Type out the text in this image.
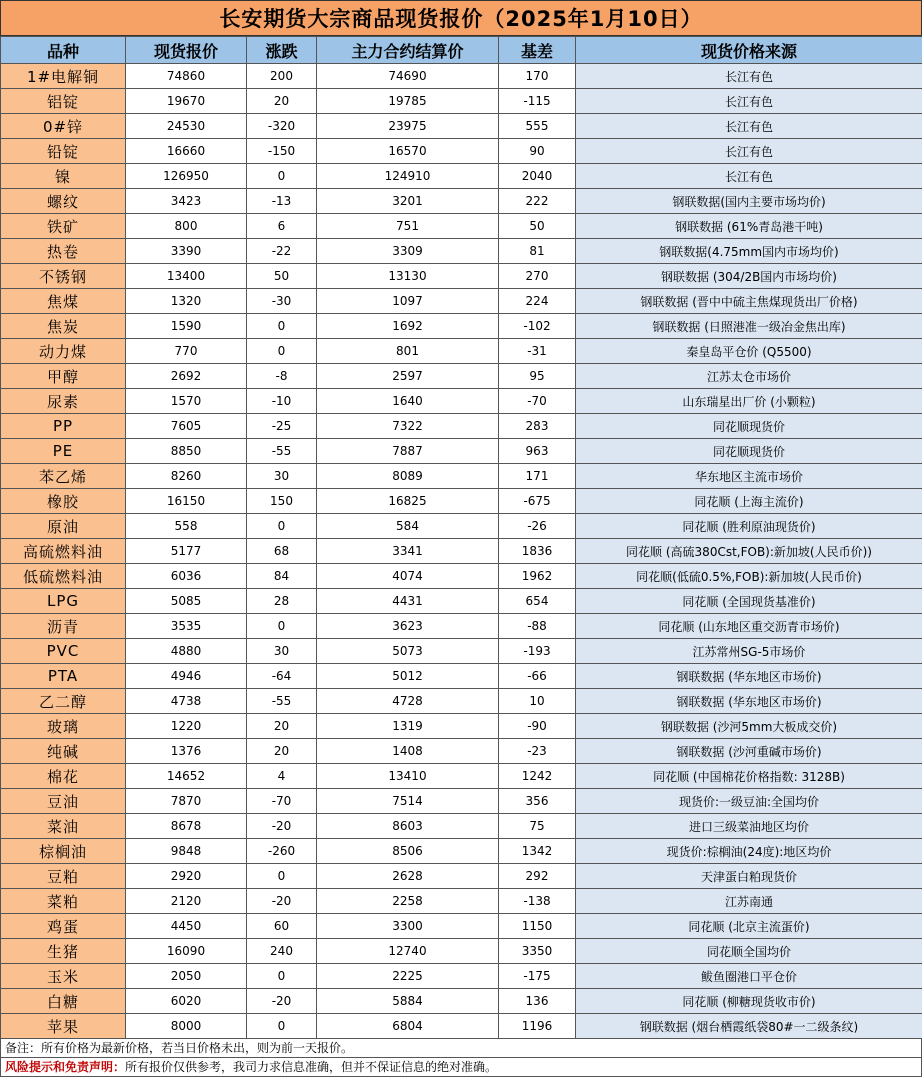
长安期货大宗商品现货报价（2025年1月10日）
品种	现货报价	涨跌	主力合约结算价	基差	现货价格来源
1#电解铜	74860	200	74690	170	长江有色
铝锭	19670	20	19785	-115	长江有色
0#锌	24530	-320	23975	555	长江有色
铅锭	16660	-150	16570	90	长江有色
镍	126950	0	124910	2040	长江有色
螺纹	3423	-13	3201	222	钢联数据(国内主要市场均价)
铁矿	800	6	751	50	钢联数据 (61%青岛港干吨)
热卷	3390	-22	3309	81	钢联数据(4.75mm国内市场均价)
不锈钢	13400	50	13130	270	钢联数据 (304/2B国内市场均价)
焦煤	1320	-30	1097	224	钢联数据 (晋中中硫主焦煤现货出厂价格)
焦炭	1590	0	1692	-102	钢联数据 (日照港准一级冶金焦出库)
动力煤	770	0	801	-31	秦皇岛平仓价 (Q5500)
甲醇	2692	-8	2597	95	江苏太仓市场价
尿素	1570	-10	1640	-70	山东瑞星出厂价 (小颗粒)
PP	7605	-25	7322	283	同花顺现货价
PE	8850	-55	7887	963	同花顺现货价
苯乙烯	8260	30	8089	171	华东地区主流市场价
橡胶	16150	150	16825	-675	同花顺 (上海主流价)
原油	558	0	584	-26	同花顺 (胜利原油现货价)
高硫燃料油	5177	68	3341	1836	同花顺 (高硫380Cst,FOB):新加坡(人民币价))
低硫燃料油	6036	84	4074	1962	同花顺(低硫0.5%,FOB):新加坡(人民币价)
LPG	5085	28	4431	654	同花顺 (全国现货基准价)
沥青	3535	0	3623	-88	同花顺 (山东地区重交沥青市场价)
PVC	4880	30	5073	-193	江苏常州SG-5市场价
PTA	4946	-64	5012	-66	钢联数据 (华东地区市场价)
乙二醇	4738	-55	4728	10	钢联数据 (华东地区市场价)
玻璃	1220	20	1319	-90	钢联数据 (沙河5mm大板成交价)
纯碱	1376	20	1408	-23	钢联数据 (沙河重碱市场价)
棉花	14652	4	13410	1242	同花顺 (中国棉花价格指数: 3128B)
豆油	7870	-70	7514	356	现货价:一级豆油:全国均价
菜油	8678	-20	8603	75	进口三级菜油地区均价
棕榈油	9848	-260	8506	1342	现货价:棕榈油(24度):地区均价
豆粕	2920	0	2628	292	天津蛋白粕现货价
菜粕	2120	-20	2258	-138	江苏南通
鸡蛋	4450	60	3300	1150	同花顺 (北京主流蛋价)
生猪	16090	240	12740	3350	同花顺全国均价
玉米	2050	0	2225	-175	鲅鱼圈港口平仓价
白糖	6020	-20	5884	136	同花顺 (柳糖现货收市价)
苹果	8000	0	6804	1196	钢联数据 (烟台栖霞纸袋80#一二级条纹)
备注：所有价格为最新价格，若当日价格未出，则为前一天报价。
风险提示和免责声明：所有报价仅供参考，我司力求信息准确，但并不保证信息的绝对准确。
